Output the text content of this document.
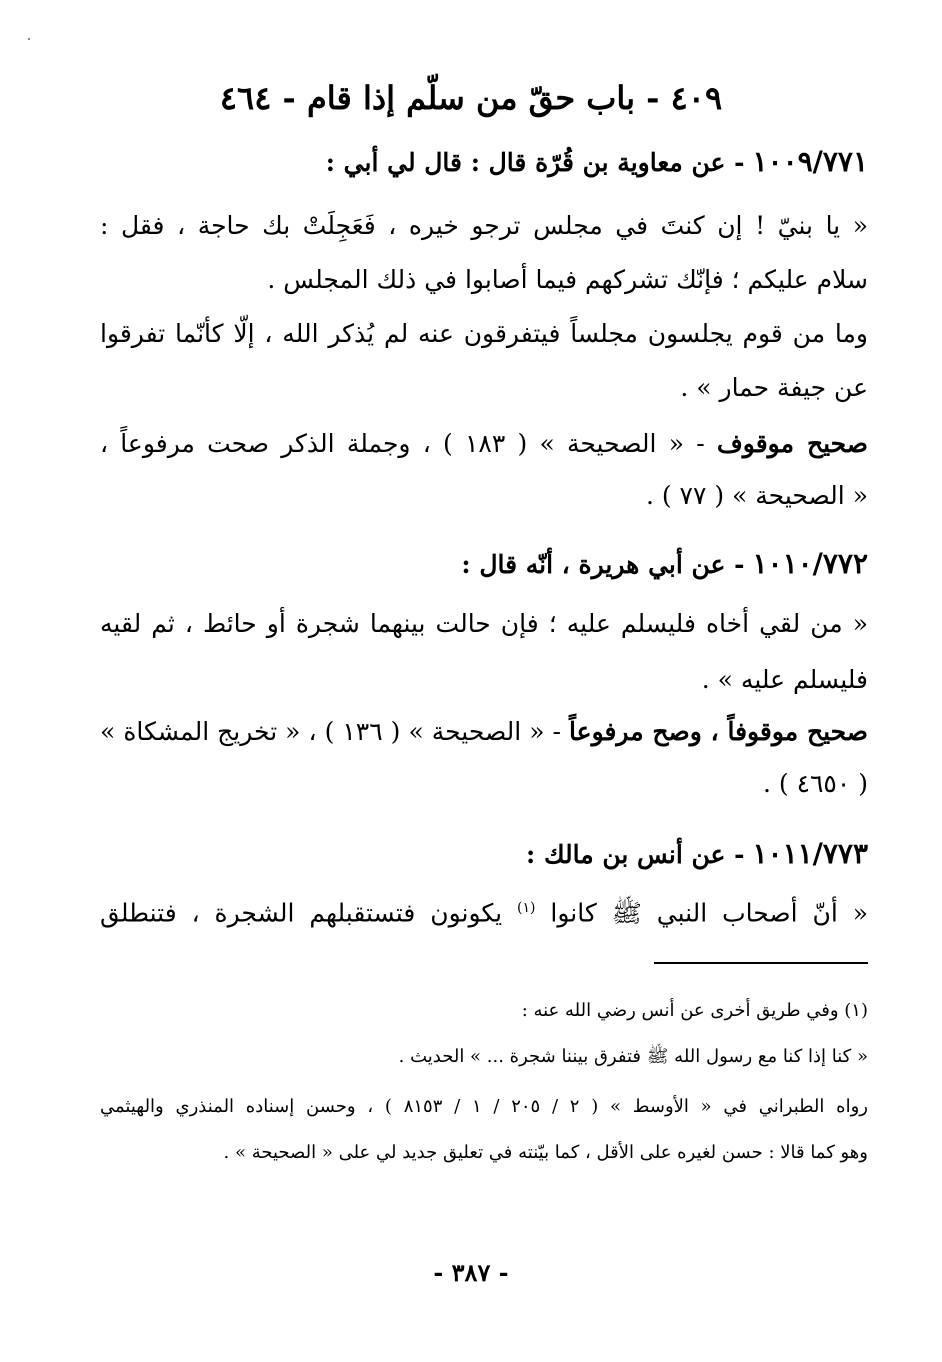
٤٠٩ - باب حقّ من سلّم إذا قام - ٤٦٤
١٠٠٩/٧٧١ - عن معاوية بن قُرّة قال : قال لي أبي :
« يا بنيّ ! إن كنتَ في مجلس ترجو خيره ، فَعَجِلَتْ بك حاجة ، فقل :
سلام عليكم ؛ فإنّك تشركهم فيما أصابوا في ذلك المجلس .
وما من قوم يجلسون مجلساً فيتفرقون عنه لم يُذكر الله ، إلّا كأنّما تفرقوا
عن جيفة حمار » .
صحيح موقوف - « الصحيحة » ( ١٨٣ ) ، وجملة الذكر صحت مرفوعاً ،
« الصحيحة » ( ٧٧ ) .
١٠١٠/٧٧٢ - عن أبي هريرة ، أنّه قال :
« من لقي أخاه فليسلم عليه ؛ فإن حالت بينهما شجرة أو حائط ، ثم لقيه
فليسلم عليه » .
صحيح موقوفاً ، وصح مرفوعاً - « الصحيحة » ( ١٣٦ ) ، « تخريج المشكاة »
( ٤٦٥٠ ) .
١٠١١/٧٧٣ - عن أنس بن مالك :
« أنّ أصحاب النبي ﷺ كانوا $^{(١)}$ يكونون فتستقبلهم الشجرة ، فتنطلق
(١) وفي طريق أخرى عن أنس رضي الله عنه :
« كنا إذا كنا مع رسول الله ﷺ فتفرق بيننا شجرة ... » الحديث .
رواه الطبراني في « الأوسط » ( ٢ / ٢٠٥ / ١ / ٨١٥٣ ) ، وحسن إسناده المنذري والهيثمي
وهو كما قالا : حسن لغيره على الأقل ، كما بيّنته في تعليق جديد لي على « الصحيحة » .
- ٣٨٧ -
